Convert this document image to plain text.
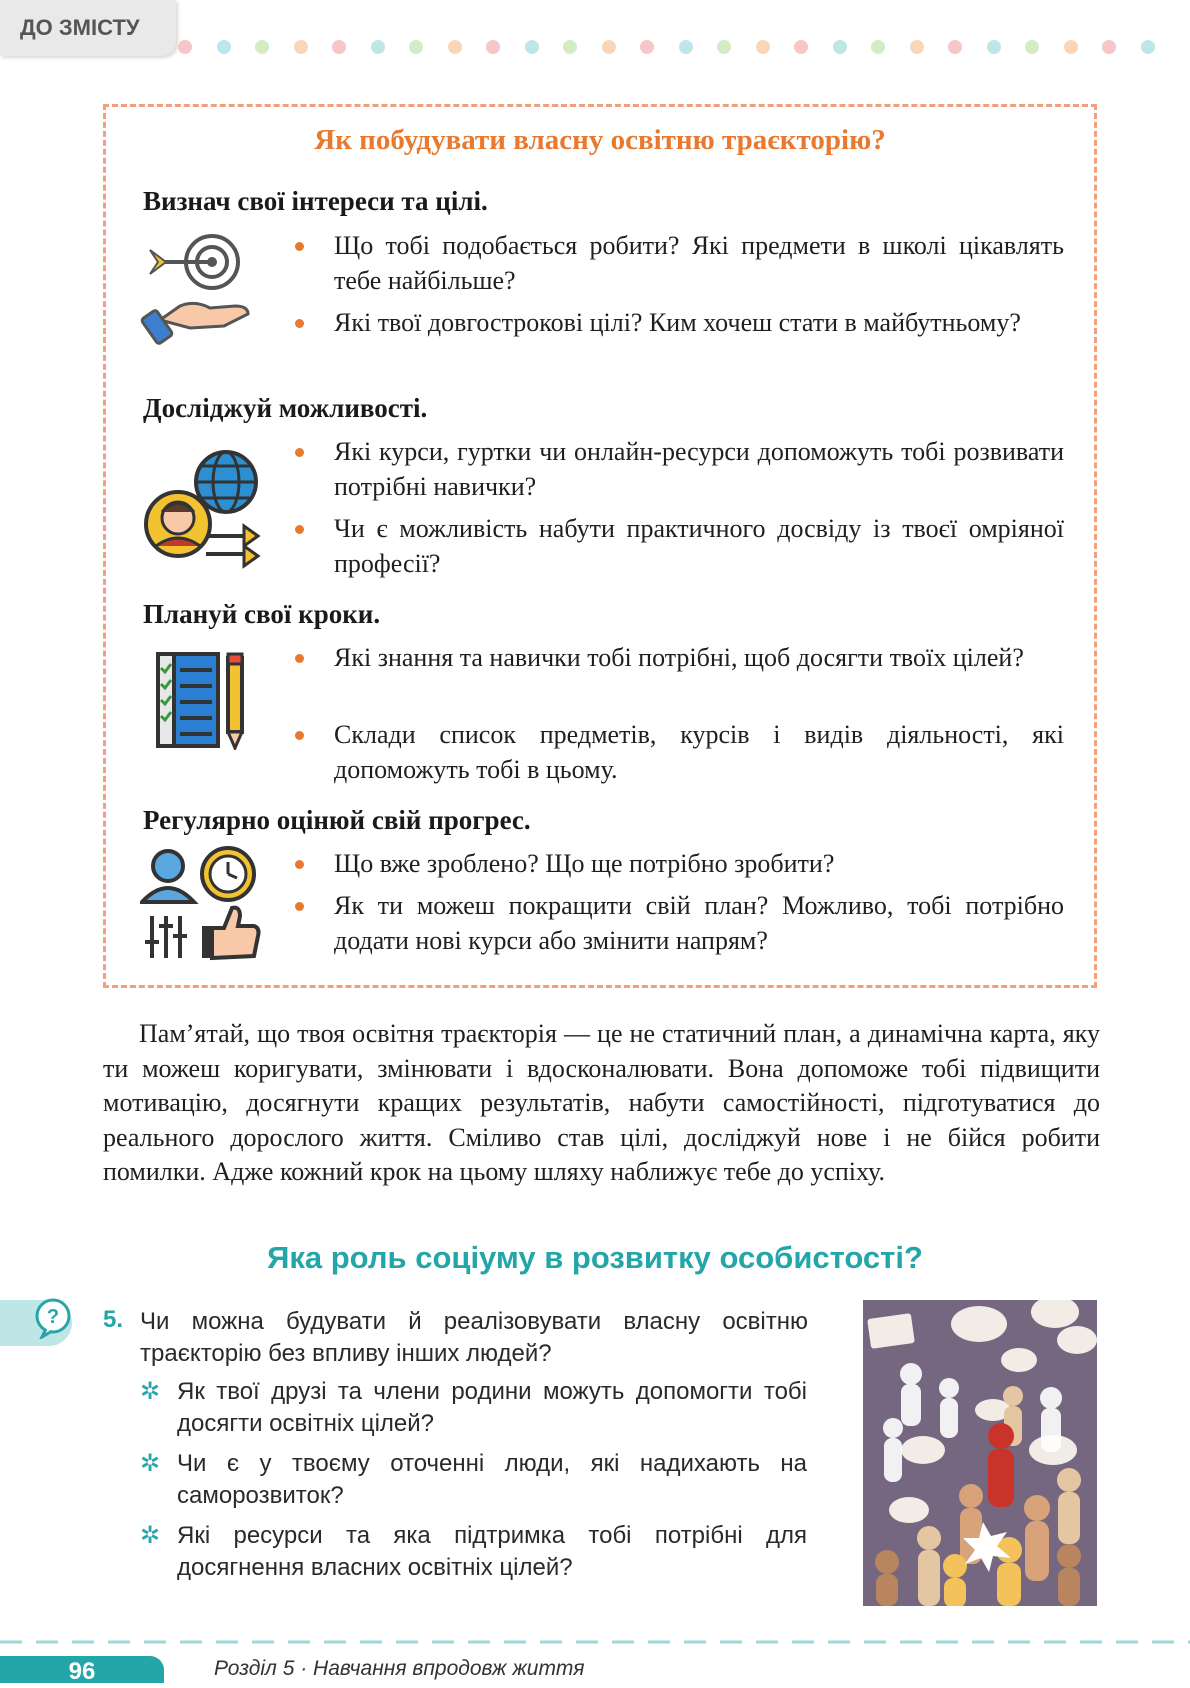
ДО ЗМІСТУ
Як побудувати власну освітню траєкторію?
Визнач свої інтереси та цілі.
Що тобі подобається робити? Які предмети в школі цікавлять тебе найбільше?
Які твої довгострокові цілі? Ким хочеш стати в майбутньому?
Досліджуй можливості.
Які курси, гуртки чи онлайн-ресурси допоможуть тобі розвивати потрібні навички?
Чи є можливість набути практичного досвіду із твоєї омріяної професії?
Плануй свої кроки.
Які знання та навички тобі потрібні, щоб досягти твоїх цілей?
Склади список предметів, курсів і видів діяльності, які допоможуть тобі в цьому.
Регулярно оцінюй свій прогрес.
Що вже зроблено? Що ще потрібно зробити?
Як ти можеш покращити свій план? Можливо, тобі потрібно додати нові курси або змінити напрям?
Пам’ятай, що твоя освітня траєкторія — це не статичний план, а динамічна карта, яку ти можеш коригувати, змінювати і вдосконалювати. Вона допоможе тобі підвищити мотивацію, досягнути кращих результатів, набути самостійності, підготуватися до реального дорослого життя. Сміливо став цілі, досліджуй нове і не бійся робити помилки. Адже кожний крок на цьому шляху наближує тебе до успіху.
Яка роль соціуму в розвитку особистості?
? 5. Чи можна будувати й реалізовувати власну освітню траєкторію без впливу інших людей?
✲ Як твої друзі та члени родини можуть допомогти тобі досягти освітніх цілей?
✲ Чи є у твоєму оточенні люди, які надихають на саморозвиток?
✲ Які ресурси та яка підтримка тобі потрібні для досягнення власних освітніх цілей?
96	Розділ 5 · Навчання впродовж життя
